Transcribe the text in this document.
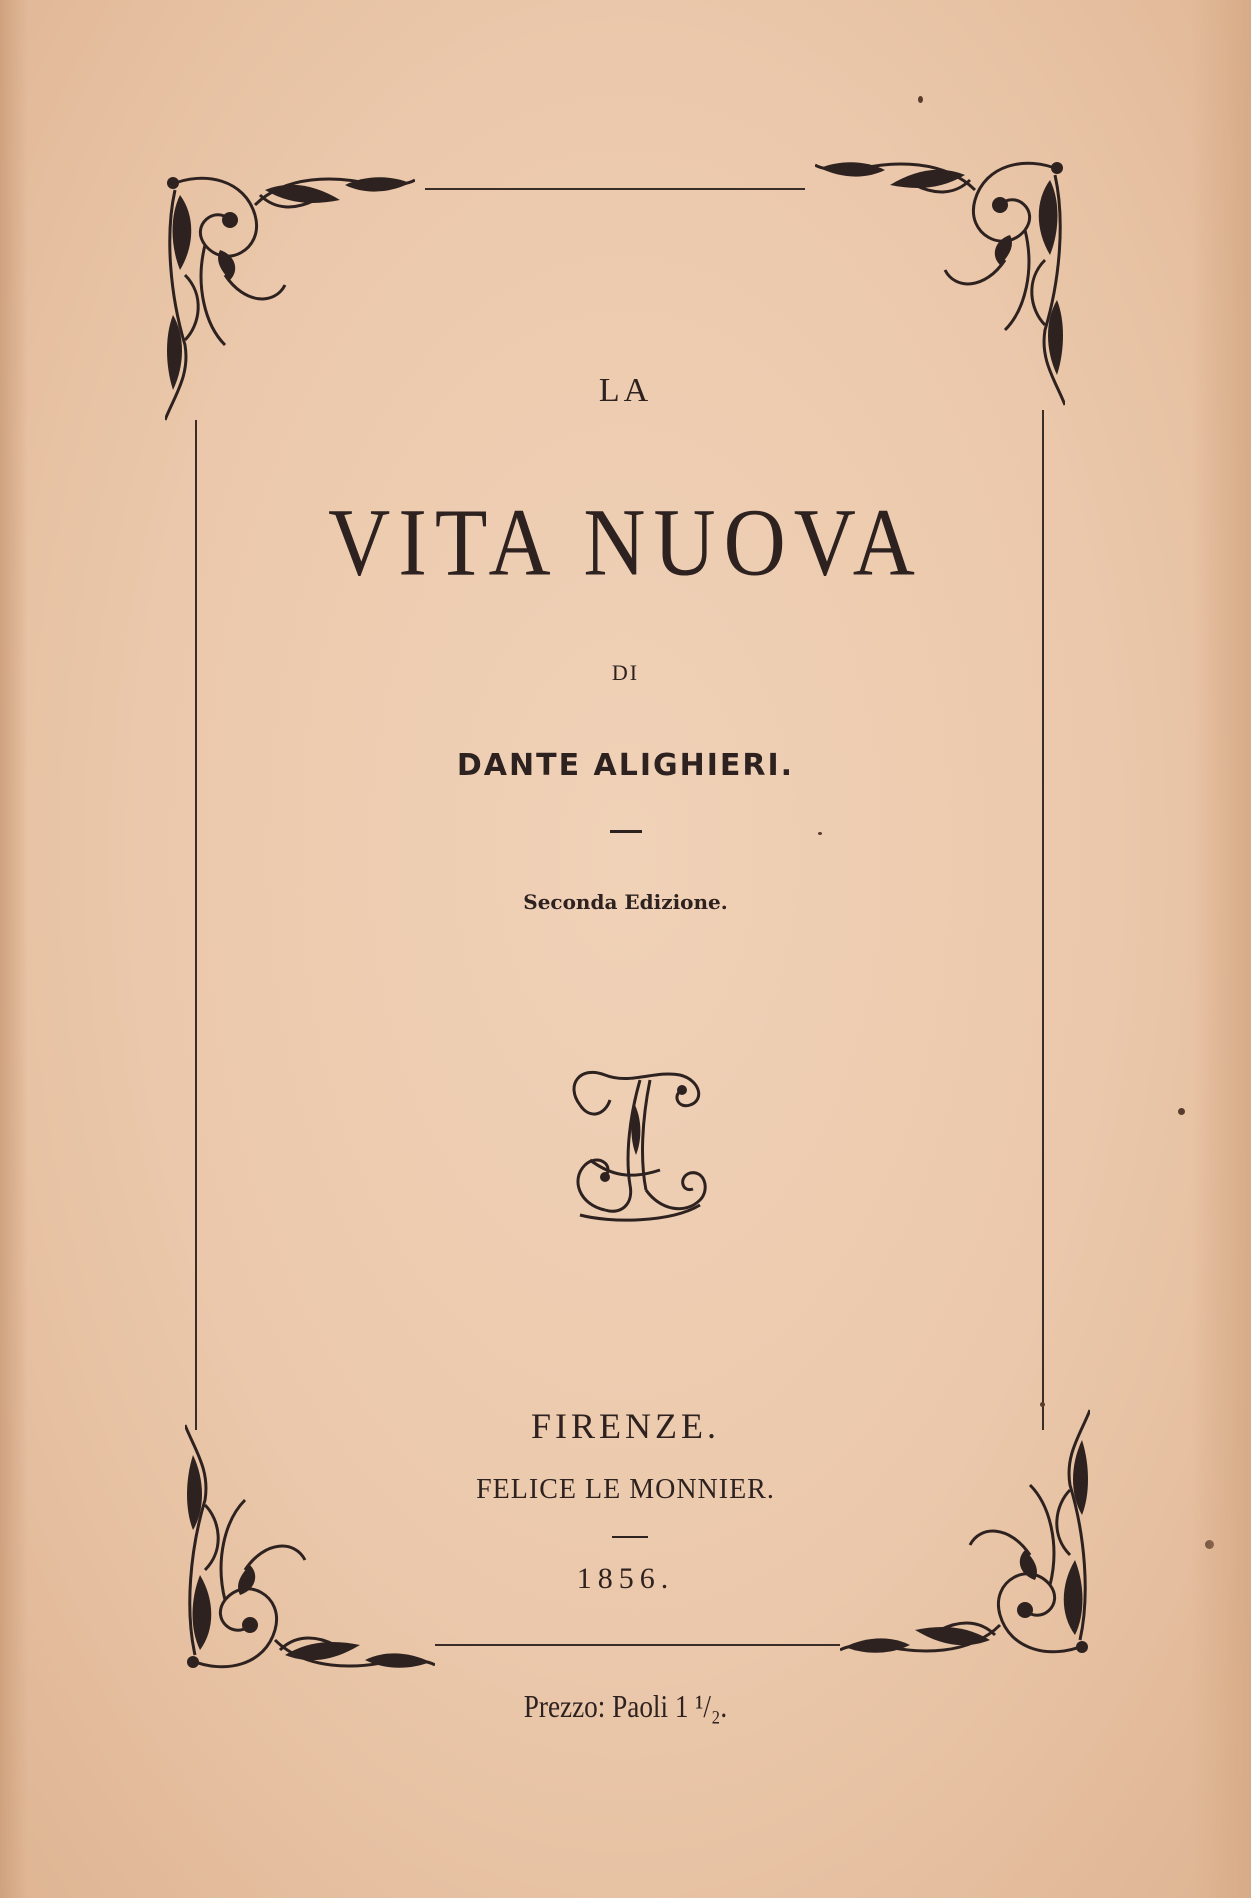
LA
VITA NUOVA
DI
DANTE ALIGHIERI.
Seconda Edizione.
FIRENZE.
FELICE LE MONNIER.
1856.
Prezzo: Paoli 1 ¹/₂.
